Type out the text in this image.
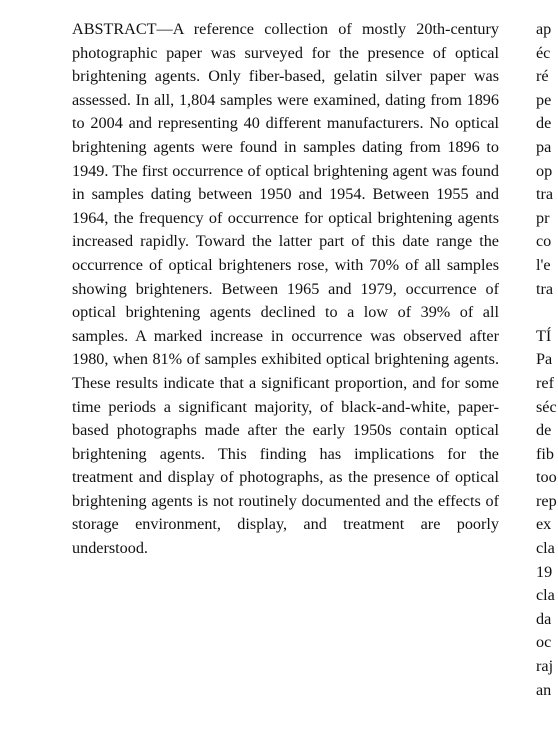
ABSTRACT—A reference collection of mostly 20th-century photographic paper was surveyed for the presence of optical brightening agents. Only fiber-based, gelatin silver paper was assessed. In all, 1,804 samples were examined, dating from 1896 to 2004 and representing 40 different manufacturers. No optical brightening agents were found in samples dating from 1896 to 1949. The first occurrence of optical brightening agent was found in samples dating between 1950 and 1954. Between 1955 and 1964, the frequency of occurrence for optical brightening agents increased rapidly. Toward the latter part of this date range the occurrence of optical brighteners rose, with 70% of all samples showing brighteners. Between 1965 and 1979, occurrence of optical brightening agents declined to a low of 39% of all samples. A marked increase in occurrence was observed after 1980, when 81% of samples exhibited optical brightening agents. These results indicate that a significant proportion, and for some time periods a significant majority, of black-and-white, paper-based photographs made after the early 1950s contain optical brightening agents. This finding has implications for the treatment and display of photographs, as the presence of optical brightening agents is not routinely documented and the effects of storage environment, display, and treatment are poorly understood.

ap
éc
ré
pe
de
pa
op
tra
pr
co
l'e
tra
TÍ
Pa
ref
séc
de
fib
too
rep
ex
cla
19
cla
da
oc
raj
an
